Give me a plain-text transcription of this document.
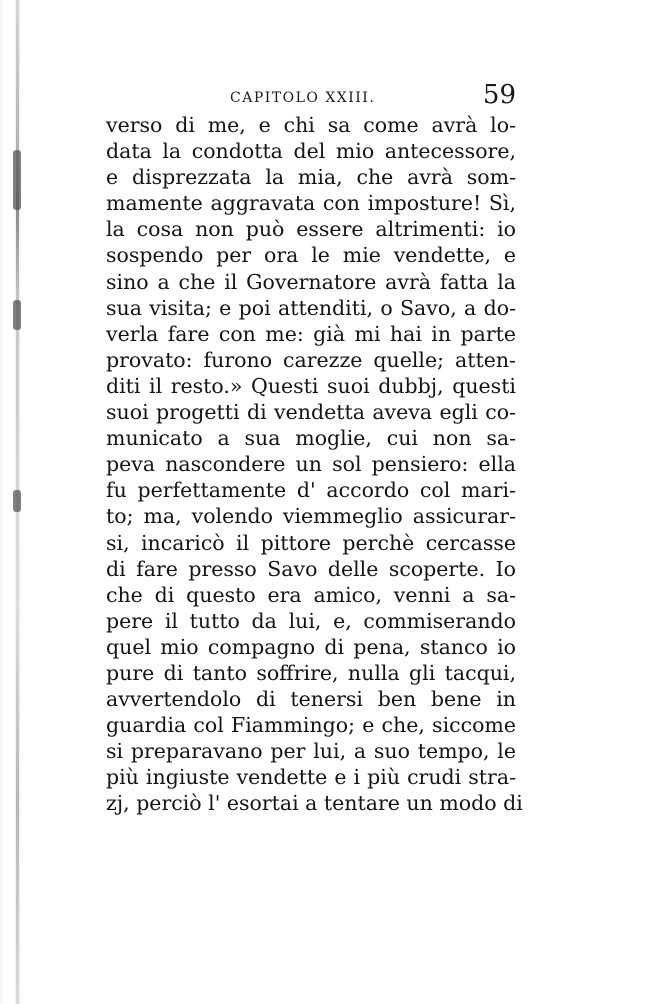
CAPITOLO XXIII.	59
verso di me, e chi sa come avrà lo-
data la condotta del mio antecessore,
e disprezzata la mia, che avrà som-
mamente aggravata con imposture! Sì,
la cosa non può essere altrimenti: io
sospendo per ora le mie vendette, e
sino a che il Governatore avrà fatta la
sua visita; e poi attenditi, o Savo, a do-
verla fare con me: già mi hai in parte
provato: furono carezze quelle; atten-
diti il resto.» Questi suoi dubbj, questi
suoi progetti di vendetta aveva egli co-
municato a sua moglie, cui non sa-
peva nascondere un sol pensiero: ella
fu perfettamente d' accordo col mari-
to; ma, volendo viemmeglio assicurar-
si, incaricò il pittore perchè cercasse
di fare presso Savo delle scoperte. Io
che di questo era amico, venni a sa-
pere il tutto da lui, e, commiserando
quel mio compagno di pena, stanco io
pure di tanto soffrire, nulla gli tacqui,
avvertendolo di tenersi ben bene in
guardia col Fiammingo; e che, siccome
si preparavano per lui, a suo tempo, le
più ingiuste vendette e i più crudi stra-
zj, perciò l' esortai a tentare un modo di
